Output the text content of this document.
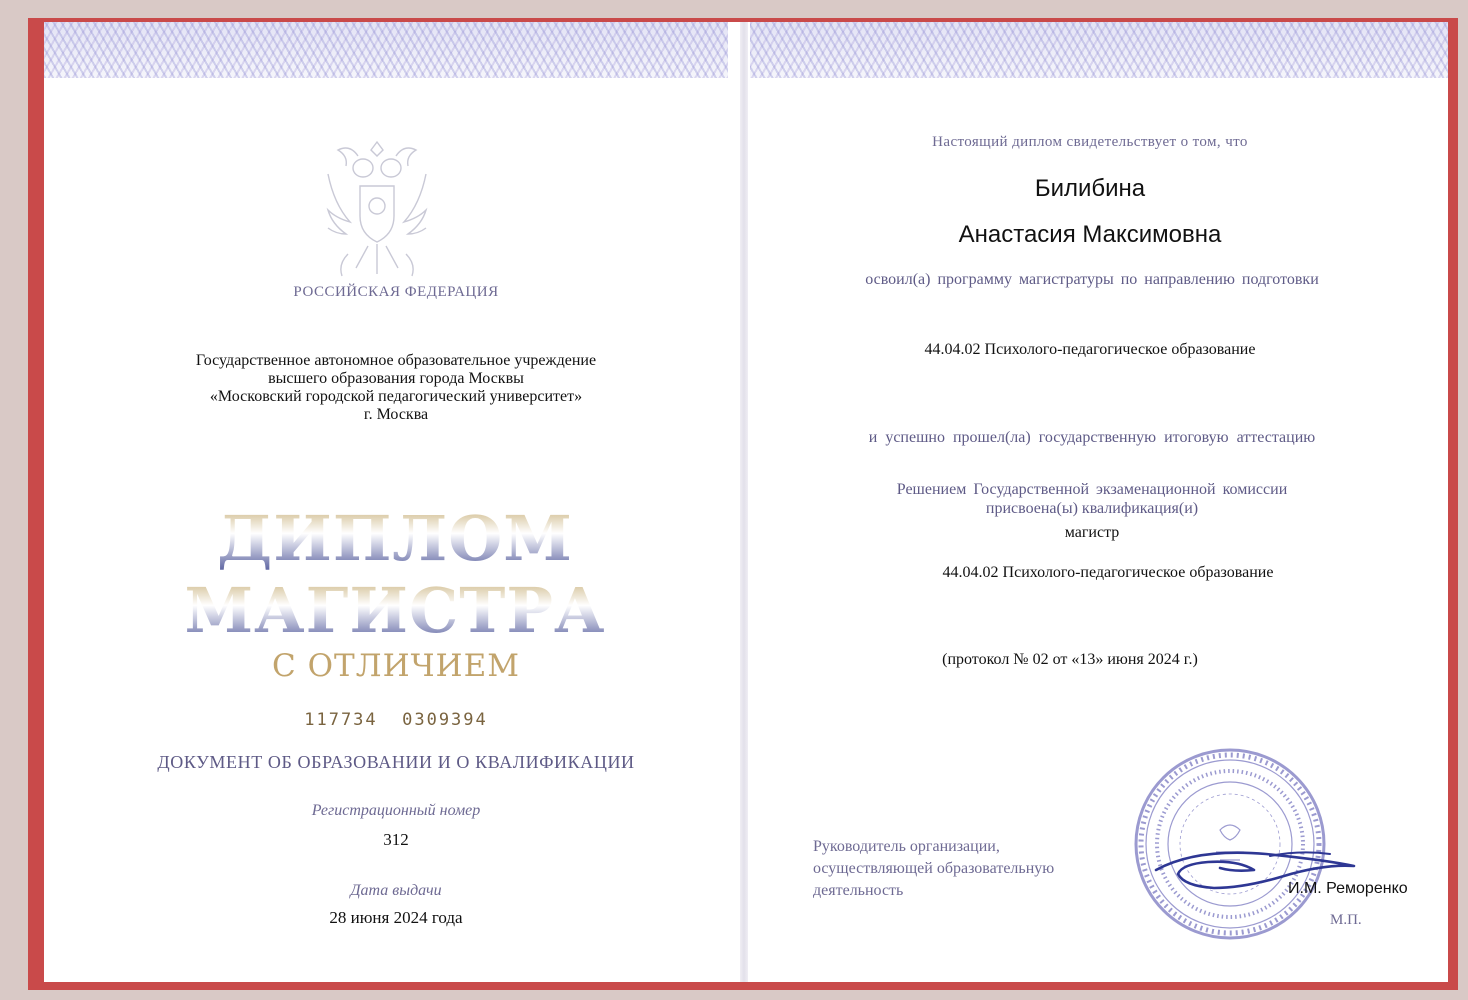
РОССИЙСКАЯ ФЕДЕРАЦИЯ
Государственное автономное образовательное учреждение
высшего образования города Москвы
«Московский городской педагогический университет»
г. Москва
ДИПЛОМ
МАГИСТРА
С ОТЛИЧИЕМ
117734  0309394
ДОКУМЕНТ ОБ ОБРАЗОВАНИИ И О КВАЛИФИКАЦИИ
Регистрационный номер
312
Дата выдачи
28 июня 2024 года
Настоящий диплом свидетельствует о том, что
Билибина
Анастасия Максимовна
освоил(а) программу магистратуры по направлению подготовки
44.04.02 Психолого-педагогическое образование
и успешно прошел(ла) государственную итоговую аттестацию
Решением Государственной экзаменационной комиссии
присвоена(ы) квалификация(и)
магистр
44.04.02 Психолого-педагогическое образование
(протокол № 02 от «13» июня 2024 г.)
Руководитель организации,
осуществляющей образовательную
деятельность	И.М. Реморенко
М.П.
